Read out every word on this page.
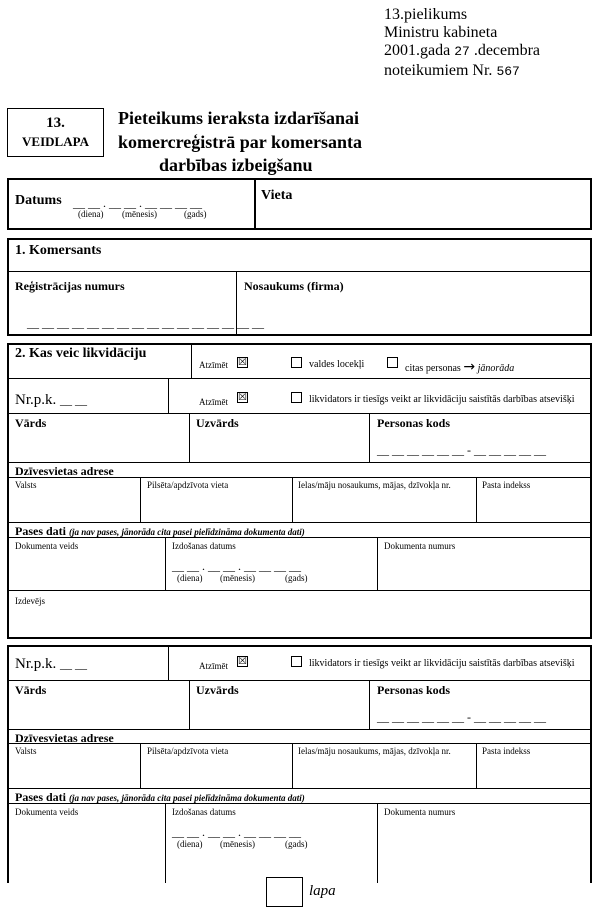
13.pielikums
Ministru kabineta
2001.gada 27 .decembra
noteikumiem Nr. 567
13.
VEIDLAPA
Pieteikums ieraksta izdarīšanai
komercreģistrā par komersanta
darbības izbeigšanu
Datums __ __ . __ __ . __ __ __ __
(diena) (mēnesis)	(gads)
Vieta
1. Komersants
Reģistrācijas numurs
__ __ __ __ __ __ __ __ __ __ __ __ __ __ __ __
Nosaukums (firma)
2. Kas veic likvidāciju
Atzīmēt ☒	valdes locekļi	citas personas → jānorāda
Nr.p.k. __ __	Atzīmēt ☒	likvidators ir tiesīgs veikt ar likvidāciju saistītās darbības atsevišķi
Vārds	Uzvārds	Personas kods
__ __ __ __ __ __ - __ __ __ __ __
Dzīvesvietas adrese
Valsts	Pilsēta/apdzīvota vieta	Ielas/māju nosaukums, mājas, dzīvokļa nr.	Pasta indekss
Pases dati (ja nav pases, jānorāda cita pasei pielīdzināma dokumenta dati)
Dokumenta veids	Izdošanas datums	Dokumenta numurs
__ __ . __ __ . __ __ __ __
(diena) (mēnesis)	(gads)
Izdevējs
Nr.p.k. __ __	Atzīmēt ☒	likvidators ir tiesīgs veikt ar likvidāciju saistītās darbības atsevišķi
Vārds	Uzvārds	Personas kods
__ __ __ __ __ __ - __ __ __ __ __
Dzīvesvietas adrese
Valsts	Pilsēta/apdzīvota vieta	Ielas/māju nosaukums, mājas, dzīvokļa nr.	Pasta indekss
Pases dati (ja nav pases, jānorāda cita pasei pielīdzināma dokumenta dati)
Dokumenta veids	Izdošanas datums	Dokumenta numurs
__ __ . __ __ . __ __ __ __
(diena) (mēnesis)	(gads)
lapa
